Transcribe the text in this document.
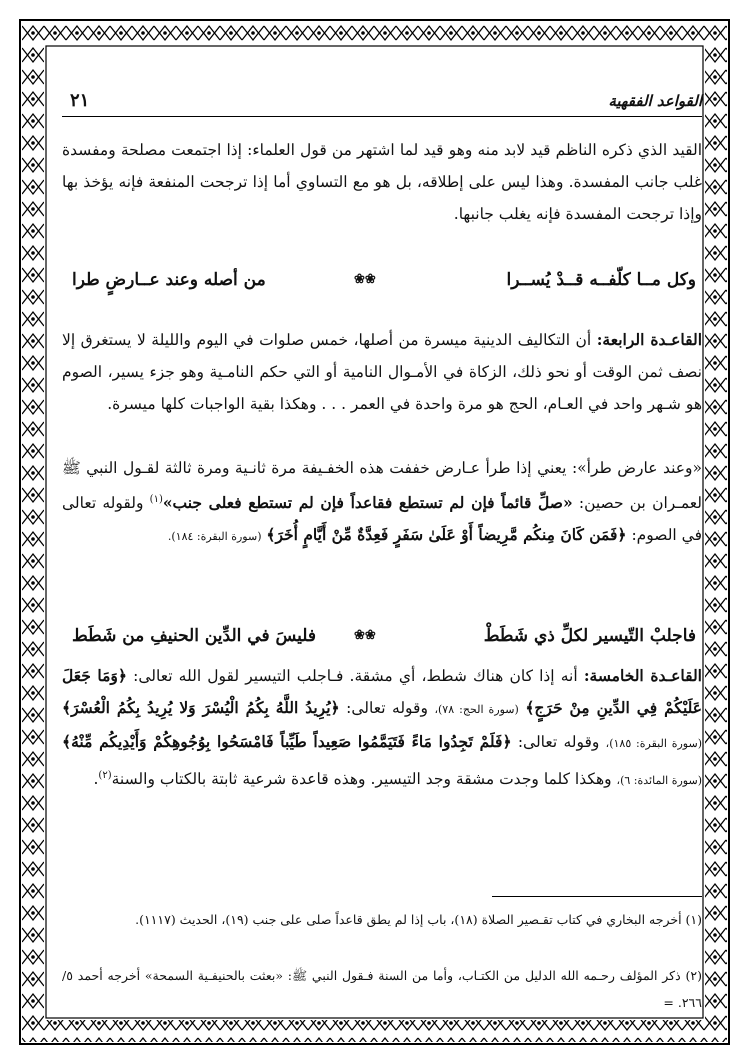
القواعد الفقهية
٢١
القيد الذي ذكره الناظم قيد لابد منه وهو قيد لما اشتهر من قول العلماء: إذا اجتمعت مصلحة ومفسدة غلب جانب المفسدة. وهذا ليس على إطلاقه، بل هو مع التساوي أما إذا ترجحت المنفعة فإنه يؤخذ بها وإذا ترجحت المفسدة فإنه يغلب جانبها.
وكل مــا كلّفــه قــدْ يُســرا
❀❀
من أصله وعند عــارضٍ طرا
القاعـدة الرابعة: أن التكاليف الدينية ميسرة من أصلها، خمس صلوات في اليوم والليلة لا يستغرق إلا نصف ثمن الوقت أو نحو ذلك، الزكاة في الأمـوال النامية أو التي حكم النامـية وهو جزء يسير، الصوم هو شـهر واحد في العـام، الحج هو مرة واحدة في العمر . . . وهكذا بقية الواجبات كلها ميسرة.
«وعند عارض طرأ»: يعني إذا طرأ عـارض خففت هذه الخفـيفة مرة ثانـية ومرة ثالثة لقـول النبي ﷺ لعمـران بن حصين: «صلِّ قائماً فإن لم تستطع فقاعداً فإن لم تستطع فعلى جنب»$^{(١)}$ ولقوله تعالى في الصوم: ﴿فَمَن كَانَ مِنكُم مَّرِيضاً أَوْ عَلَىٰ سَفَرٍ فَعِدَّةٌ مِّنْ أَيَّامٍ أُخَرَ﴾ (سورة البقرة: ١٨٤).
فاجلبْ التّيسير لكلِّ ذي شَطَطْ
❀❀
فليسَ في الدِّين الحنيفِ من شَطَط
القاعـدة الخامسة: أنه إذا كان هناك شطط، أي مشقة. فـاجلب التيسير لقول الله تعالى: ﴿وَمَا جَعَلَ عَلَيْكُمْ فِي الدِّينِ مِنْ حَرَجٍ﴾ (سورة الحج: ٧٨)، وقوله تعالى: ﴿يُرِيدُ اللَّهُ بِكُمُ الْيُسْرَ وَلا يُرِيدُ بِكُمُ الْعُسْرَ﴾ (سورة البقرة: ١٨٥)، وقوله تعالى: ﴿فَلَمْ تَجِدُوا مَاءً فَتَيَمَّمُوا صَعِيداً طَيِّباً فَامْسَحُوا بِوُجُوهِكُمْ وَأَيْدِيكُم مِّنْهُ﴾ (سورة المائدة: ٦)، وهكذا كلما وجدت مشقة وجد التيسير. وهذه قاعدة شرعية ثابتة بالكتاب والسنة$^{(٢)}$.
(١) أخرجه البخاري في كتاب تقـصير الصلاة (١٨)، باب إذا لم يطق قاعداً صلى على جنب (١٩)، الحديث (١١١٧).
(٢) ذكر المؤلف رحـمه الله الدليل من الكتـاب، وأما من السنة فـقول النبي ﷺ: «بعثت بالحنيفـية السمحة» أخرجه أحمد ٥/ ٢٦٦. =
